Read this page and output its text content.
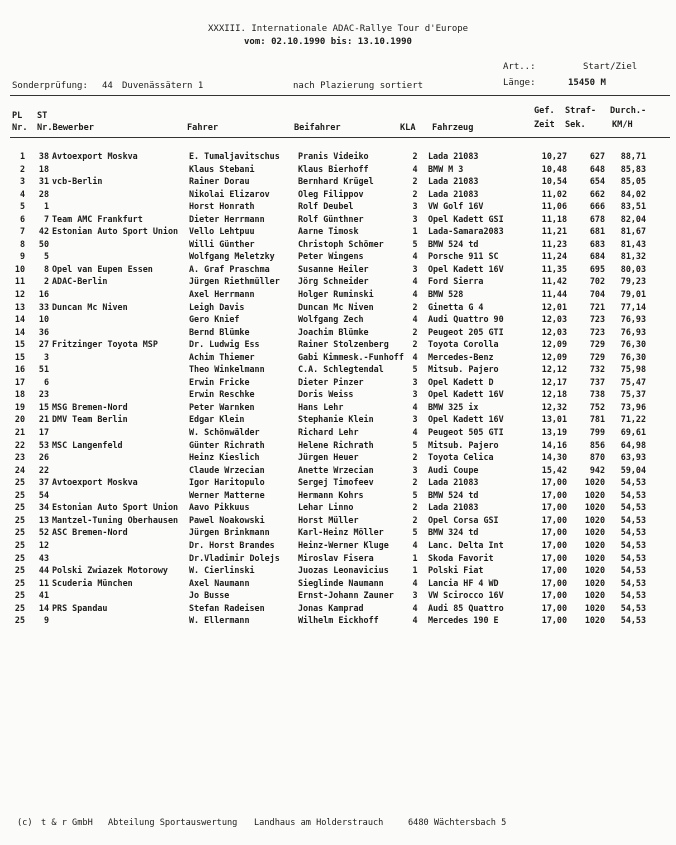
XXXIII. Internationale ADAC-Rallye Tour d'Europe
vom: 02.10.1990 bis: 13.10.1990
Art..:	Start/Ziel
Sonderprüfung: 44 Duvenässätern 1	nach Plazierung sortiert	Länge:	15450 M
PL
Nr.
ST
Nr.Bewerber	Fahrer	Beifahrer	KLA Fahrzeug
Gef.
Zeit
Straf-
Sek.
Durch.-
KM/H
1	38	Avtoexport Moskva	E. Tumaljavitschus	Pranis Videiko	2	Lada 21083	10,27	627	88,71
2	18		Klaus Stebani	Klaus Bierhoff	4	BMW M 3	10,48	648	85,83
3	31	vcb-Berlin	Rainer Dorau	Bernhard Krügel	2	Lada 21083	10,54	654	85,05
4	28		Nikolai Elizarov	Oleg Filippov	2	Lada 21083	11,02	662	84,02
5	1		Horst Honrath	Rolf Deubel	3	VW Golf 16V	11,06	666	83,51
6	7	Team AMC Frankfurt	Dieter Herrmann	Rolf Günthner	3	Opel Kadett GSI	11,18	678	82,04
7	42	Estonian Auto Sport Union	Vello Lehtpuu	Aarne Timosk	1	Lada-Samara2083	11,21	681	81,67
8	50		Willi Günther	Christoph Schömer	5	BMW 524 td	11,23	683	81,43
9	5		Wolfgang Meletzky	Peter Wingens	4	Porsche 911 SC	11,24	684	81,32
10	8	Opel van Eupen Essen	A. Graf Praschma	Susanne Heiler	3	Opel Kadett 16V	11,35	695	80,03
11	2	ADAC-Berlin	Jürgen Riethmüller	Jörg Schneider	4	Ford Sierra	11,42	702	79,23
12	16		Axel Herrmann	Holger Ruminski	4	BMW 528	11,44	704	79,01
13	33	Duncan Mc Niven	Leigh Davis	Duncan Mc Niven	2	Ginetta G 4	12,01	721	77,14
14	10		Gero Knief	Wolfgang Zech	4	Audi Quattro 90	12,03	723	76,93
14	36		Bernd Blümke	Joachim Blümke	2	Peugeot 205 GTI	12,03	723	76,93
15	27	Fritzinger Toyota MSP	Dr. Ludwig Ess	Rainer Stolzenberg	2	Toyota Corolla	12,09	729	76,30
15	3		Achim Thiemer	Gabi Kimmesk.-Funhoff	4	Mercedes-Benz	12,09	729	76,30
16	51		Theo Winkelmann	C.A. Schlegtendal	5	Mitsub. Pajero	12,12	732	75,98
17	6		Erwin Fricke	Dieter Pinzer	3	Opel Kadett D	12,17	737	75,47
18	23		Erwin Reschke	Doris Weiss	3	Opel Kadett 16V	12,18	738	75,37
19	15	MSG Bremen-Nord	Peter Warnken	Hans Lehr	4	BMW 325 ix	12,32	752	73,96
20	21	DMV Team Berlin	Edgar Klein	Stephanie Klein	3	Opel Kadett 16V	13,01	781	71,22
21	17		W. Schönwälder	Richard Lehr	4	Peugeot 505 GTI	13,19	799	69,61
22	53	MSC Langenfeld	Günter Richrath	Helene Richrath	5	Mitsub. Pajero	14,16	856	64,98
23	26		Heinz Kieslich	Jürgen Heuer	2	Toyota Celica	14,30	870	63,93
24	22		Claude Wrzecian	Anette Wrzecian	3	Audi Coupe	15,42	942	59,04
25	37	Avtoexport Moskva	Igor Haritopulo	Sergej Timofeev	2	Lada 21083	17,00	1020	54,53
25	54		Werner Matterne	Hermann Kohrs	5	BMW 524 td	17,00	1020	54,53
25	34	Estonian Auto Sport Union	Aavo Pikkuus	Lehar Linno	2	Lada 21083	17,00	1020	54,53
25	13	Mantzel-Tuning Oberhausen	Pawel Noakowski	Horst Müller	2	Opel Corsa GSI	17,00	1020	54,53
25	52	ASC Bremen-Nord	Jürgen Brinkmann	Karl-Heinz Möller	5	BMW 324 td	17,00	1020	54,53
25	12		Dr. Horst Brandes	Heinz-Werner Kluge	4	Lanc. Delta Int	17,00	1020	54,53
25	43		Dr.Vladimir Dolejs	Miroslav Fisera	1	Skoda Favorit	17,00	1020	54,53
25	44	Polski Zwiazek Motorowy	W. Cierlinski	Juozas Leonavicius	1	Polski Fiat	17,00	1020	54,53
25	11	Scuderia München	Axel Naumann	Sieglinde Naumann	4	Lancia HF 4 WD	17,00	1020	54,53
25	41		Jo Busse	Ernst-Johann Zauner	3	VW Scirocco 16V	17,00	1020	54,53
25	14	PRS Spandau	Stefan Radeisen	Jonas Kamprad	4	Audi 85 Quattro	17,00	1020	54,53
25	9		W. Ellermann	Wilhelm Eickhoff	4	Mercedes 190 E	17,00	1020	54,53
(c) t & r GmbH Abteilung Sportauswertung Landhaus am Holderstrauch	6480 Wächtersbach 5
